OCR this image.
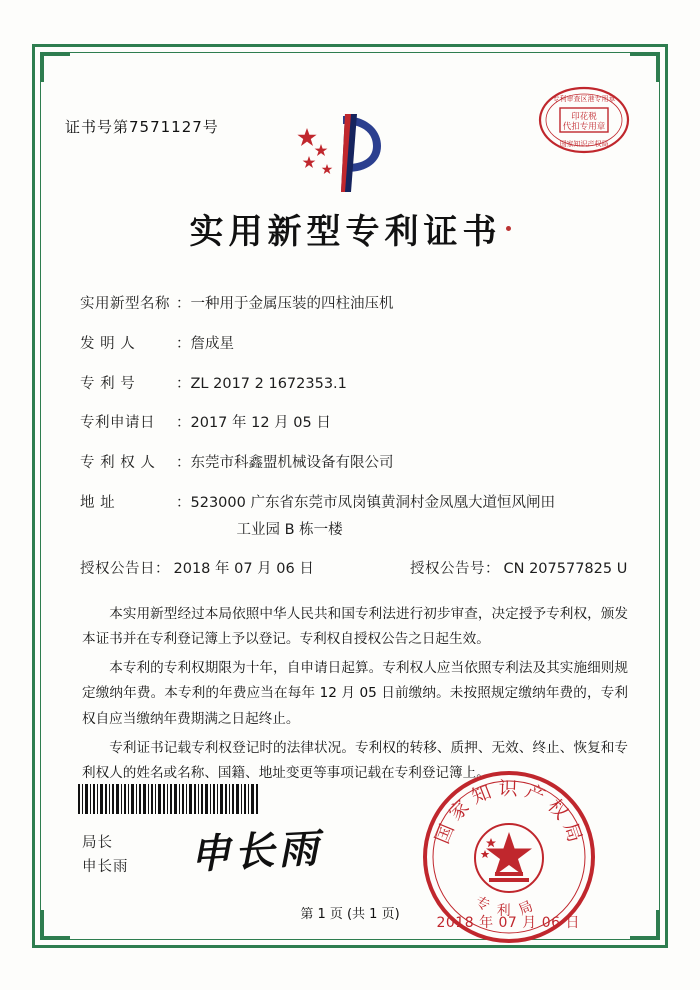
证书号第7571127号
专利审查区港专用章
印花税
代扣专用章
国家知识产权局
实用新型专利证书
实用新型名称 ： 一种用于金属压装的四柱油压机
发 明 人	： 詹成星
专 利 号	： ZL 2017 2 1672353.1
专利申请日	： 2017 年 12 月 05 日
专 利 权 人	： 东莞市科鑫盟机械设备有限公司
地 址	： 523000 广东省东莞市凤岗镇黄洞村金凤凰大道恒风闸田
工业园 B 栋一楼
授权公告日 ： 2018 年 07 月 06 日	授权公告号 ： CN 207577825 U

本实用新型经过本局依照中华人民共和国专利法进行初步审查，决定授予专利权，颁发本证书并在专利登记簿上予以登记。专利权自授权公告之日起生效。

本专利的专利权期限为十年，自申请日起算。专利权人应当依照专利法及其实施细则规定缴纳年费。本专利的年费应当在每年 12 月 05 日前缴纳。未按照规定缴纳年费的，专利权自应当缴纳年费期满之日起终止。

专利证书记载专利权登记时的法律状况。专利权的转移、质押、无效、终止、恢复和专利权人的姓名或名称、国籍、地址变更等事项记载在专利登记簿上。

局长
申长雨 申长雨	国家知识产权局
专利局
2018 年 07 月 06 日
第 1 页 (共 1 页)
